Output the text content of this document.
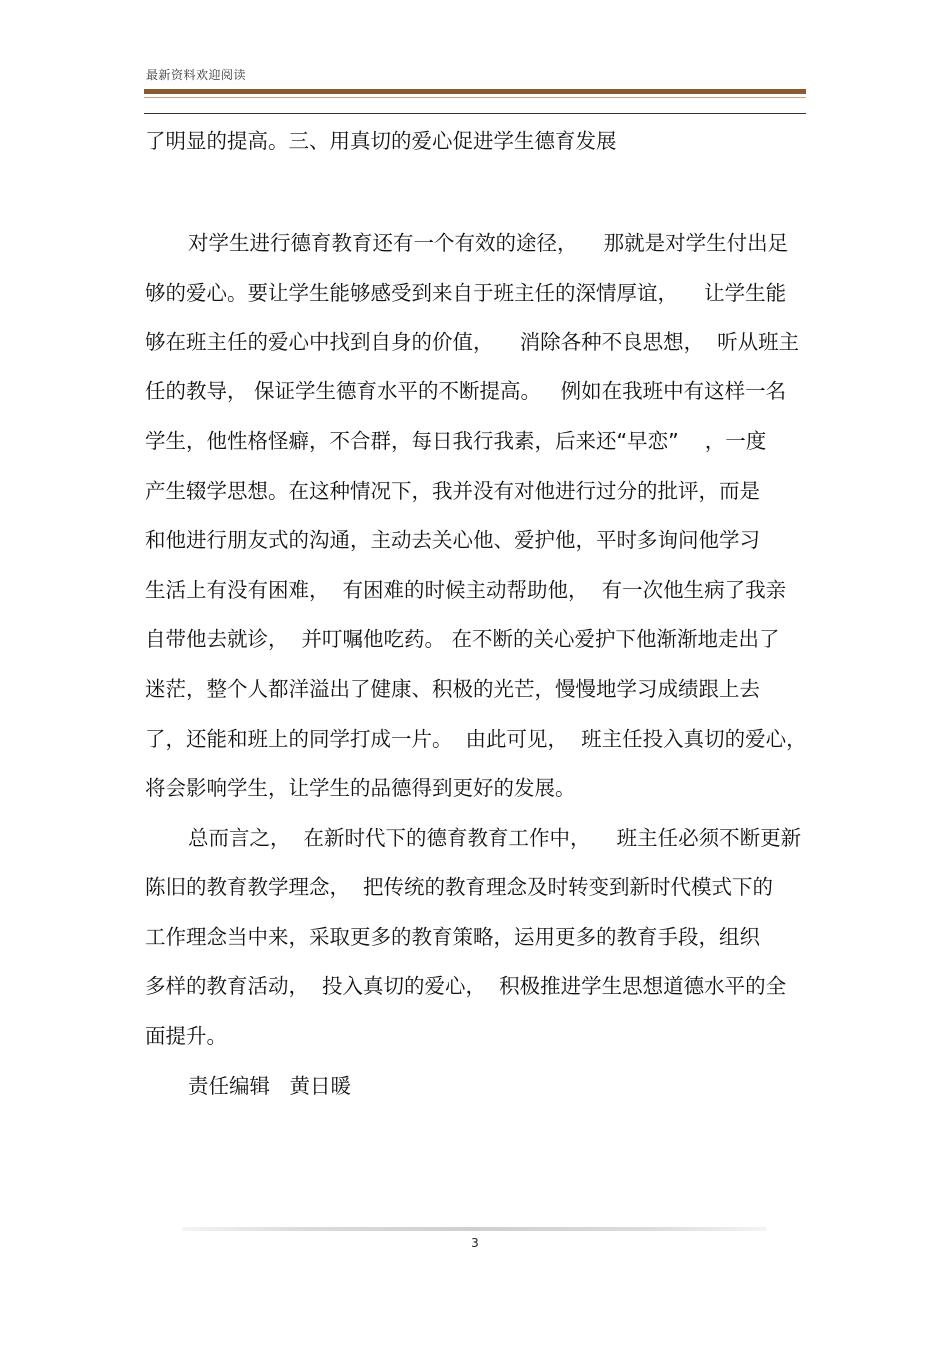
最新资料欢迎阅读
了明显的提高。三、用真切的爱心促进学生德育发展
对学生进行德育教育还有一个有效的途径，    那就是对学生付出足
够的爱心。要让学生能够感受到来自于班主任的深情厚谊，    让学生能
够在班主任的爱心中找到自身的价值，    消除各种不良思想，  听从班主
任的教导， 保证学生德育水平的不断提高。   例如在我班中有这样一名
学生，他性格怪癖，不合群，每日我行我素，后来还“早恋”    ，一度
产生辍学思想。在这种情况下，我并没有对他进行过分的批评，而是
和他进行朋友式的沟通，主动去关心他、爱护他，平时多询问他学习
生活上有没有困难，  有困难的时候主动帮助他，  有一次他生病了我亲
自带他去就诊，  并叮嘱他吃药。 在不断的关心爱护下他渐渐地走出了
迷茫，整个人都洋溢出了健康、积极的光芒，慢慢地学习成绩跟上去
了，还能和班上的同学打成一片。  由此可见，  班主任投入真切的爱心，
将会影响学生，让学生的品德得到更好的发展。
总而言之，  在新时代下的德育教育工作中，    班主任必须不断更新
陈旧的教育教学理念，  把传统的教育理念及时转变到新时代模式下的
工作理念当中来，采取更多的教育策略，运用更多的教育手段，组织
多样的教育活动，  投入真切的爱心，  积极推进学生思想道德水平的全
面提升。
责任编辑   黄日暖
3
